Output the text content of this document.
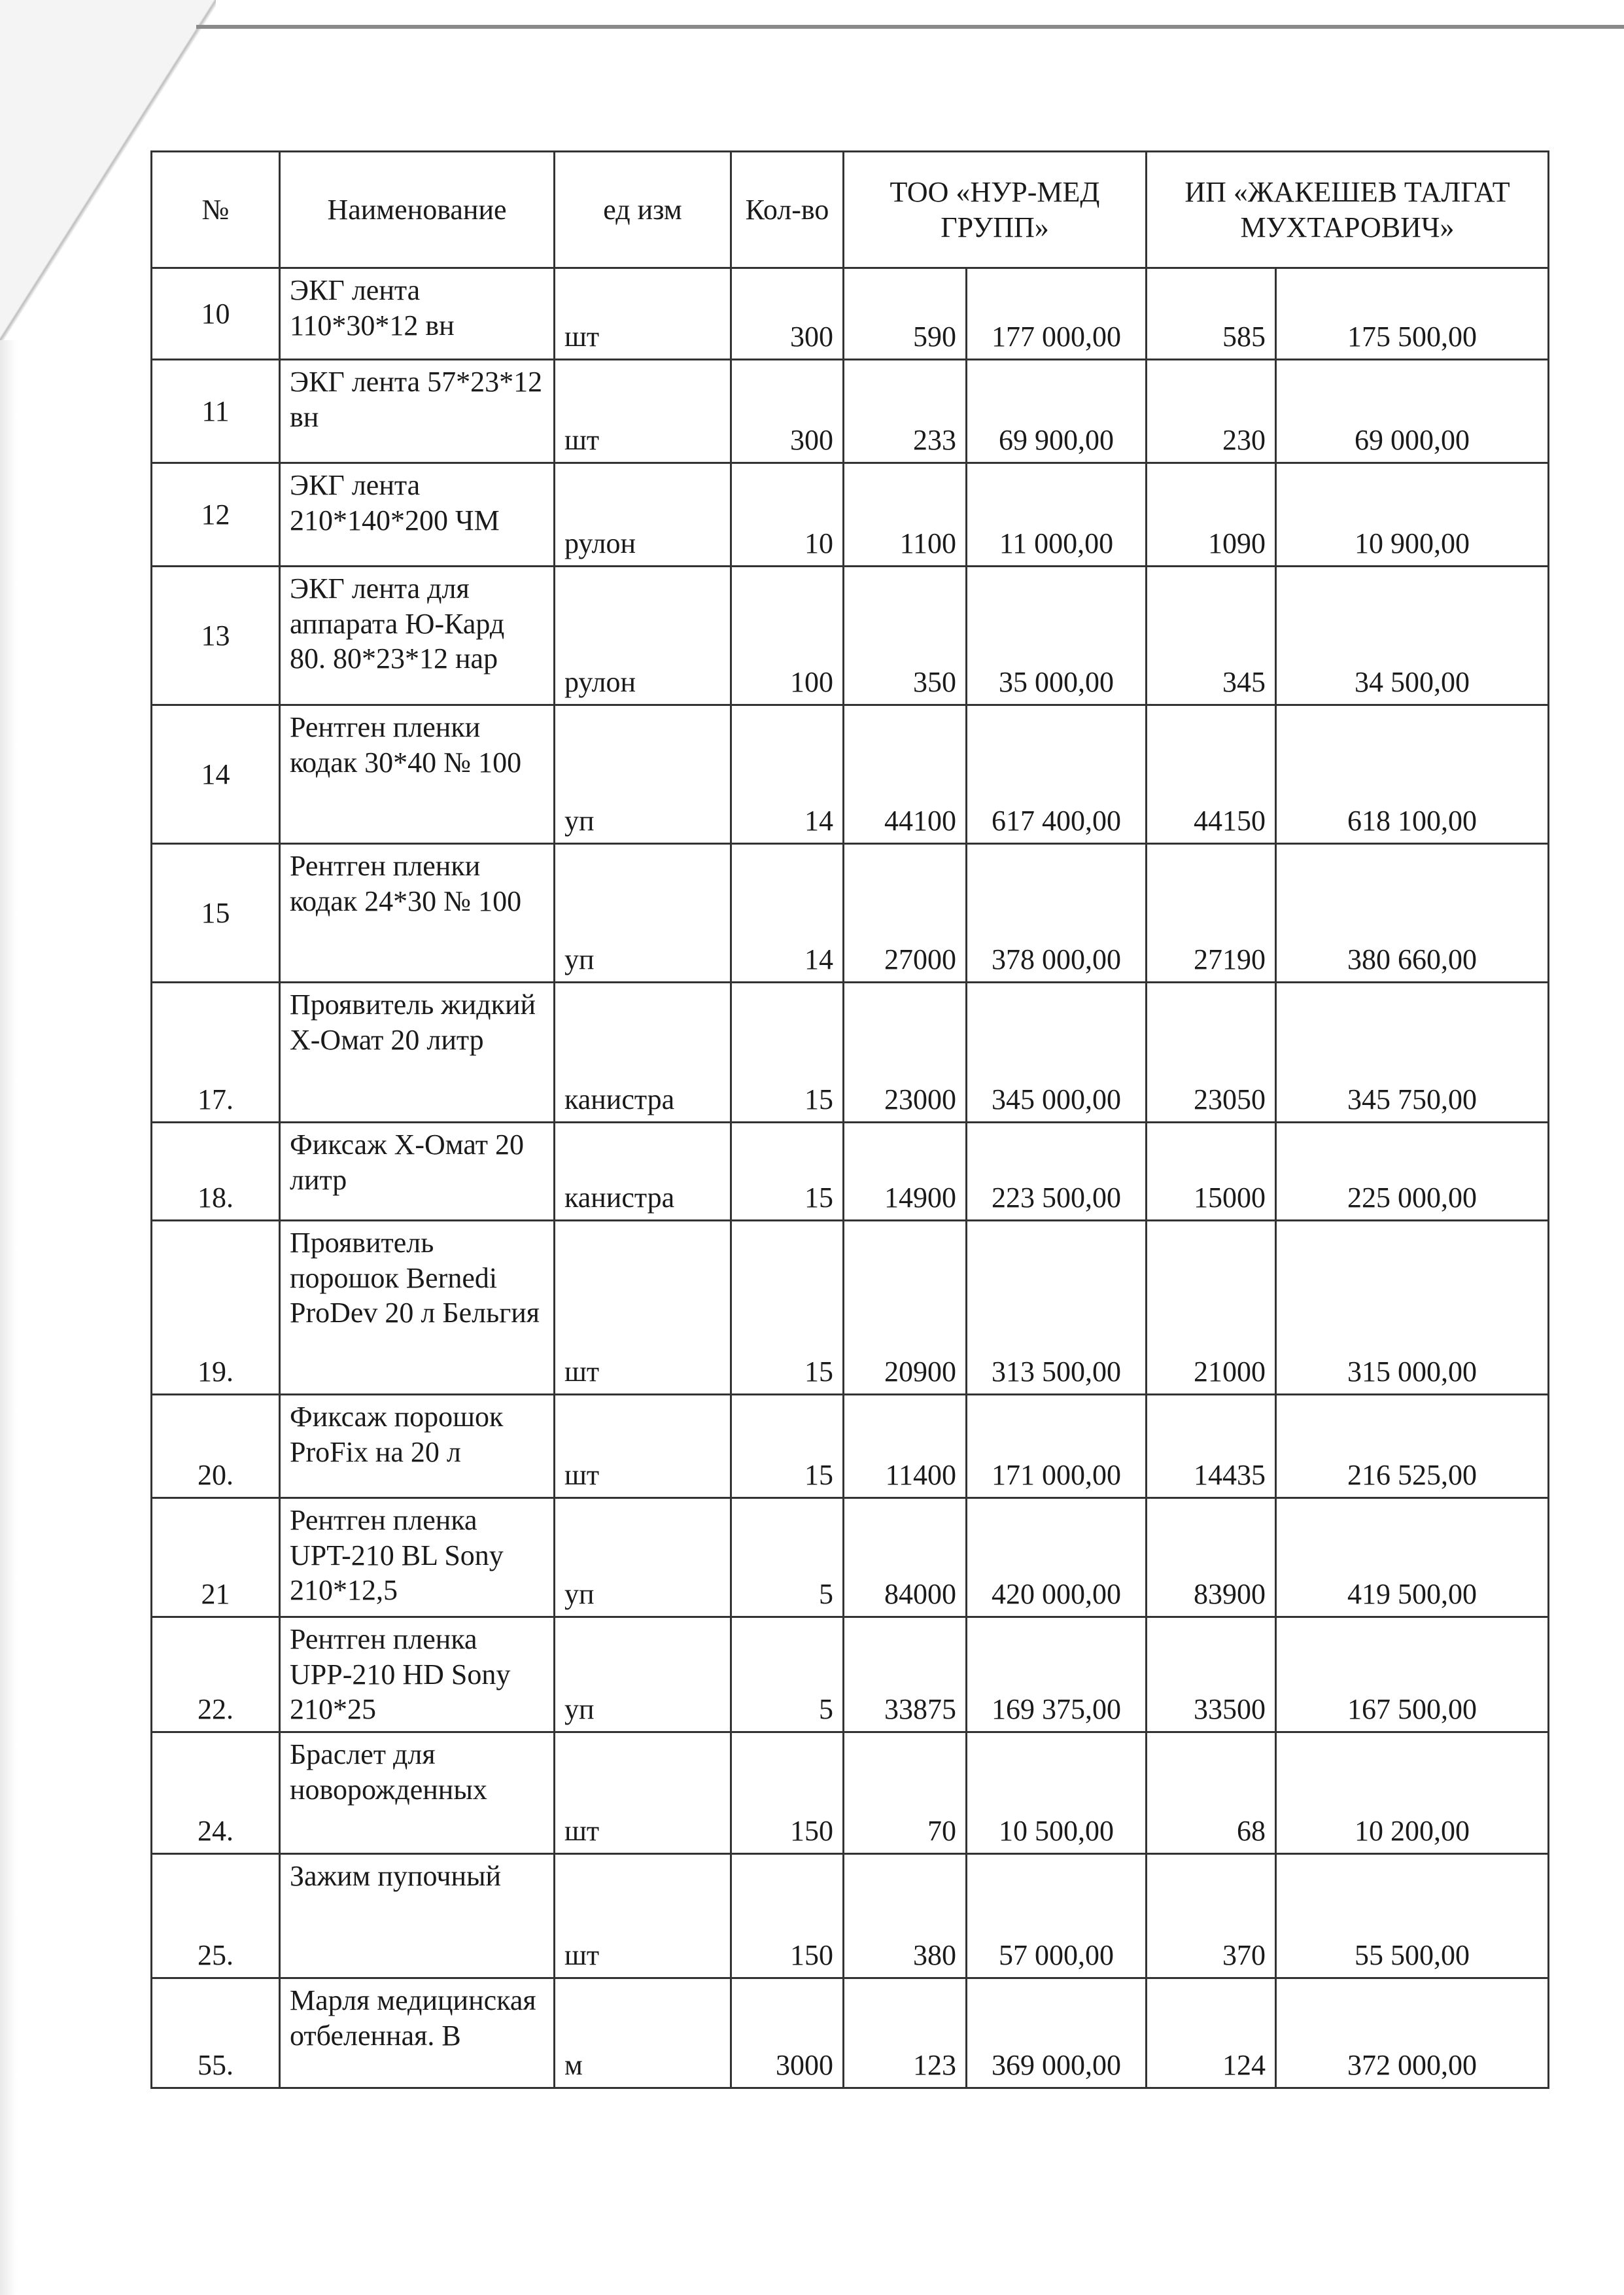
№	Наименование	ед изм	Кол-во	ТОО «НУР-МЕД ГРУПП»		ИП «ЖАКЕШЕВ ТАЛГАТ МУХТАРОВИЧ»	
10	ЭКГ лента 110*30*12 вн	шт	300	590	177 000,00	585	175 500,00
11	ЭКГ лента 57*23*12 вн	шт	300	233	69 900,00	230	69 000,00
12	ЭКГ лента 210*140*200 ЧМ	рулон	10	1100	11 000,00	1090	10 900,00
13	ЭКГ лента для аппарата Ю-Кард 80. 80*23*12 нар	рулон	100	350	35 000,00	345	34 500,00
14	Рентген пленки кодак 30*40 № 100	уп	14	44100	617 400,00	44150	618 100,00
15	Рентген пленки кодак 24*30 № 100	уп	14	27000	378 000,00	27190	380 660,00
17.	Проявитель жидкий Х-Омат 20 литр	канистра	15	23000	345 000,00	23050	345 750,00
18.	Фиксаж Х-Омат 20 литр	канистра	15	14900	223 500,00	15000	225 000,00
19.	Проявитель порошок Bernedi ProDev 20 л Бельгия	шт	15	20900	313 500,00	21000	315 000,00
20.	Фиксаж порошок ProFix на 20 л	шт	15	11400	171 000,00	14435	216 525,00
21	Рентген пленка UPT-210 BL Sony 210*12,5	уп	5	84000	420 000,00	83900	419 500,00
22.	Рентген пленка UPP-210 HD Sony 210*25	уп	5	33875	169 375,00	33500	167 500,00
24.	Браслет для новорожденных	шт	150	70	10 500,00	68	10 200,00
25.	Зажим пупочный	шт	150	380	57 000,00	370	55 500,00
55.	Марля медицинская отбеленная. В	м	3000	123	369 000,00	124	372 000,00
